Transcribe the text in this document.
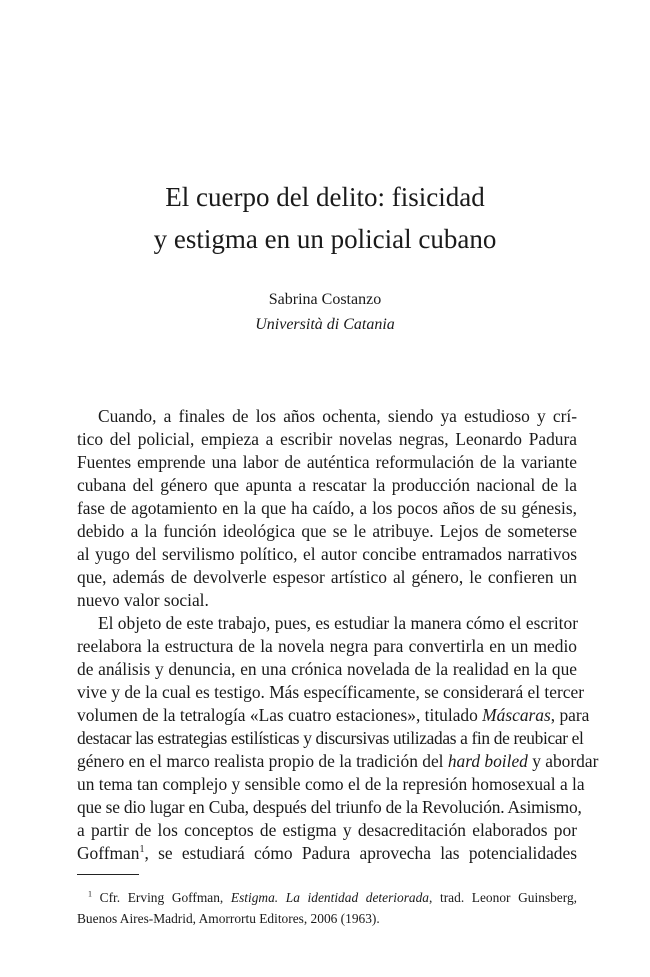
El cuerpo del delito: fisicidad
y estigma en un policial cubano
Sabrina Costanzo
Università di Catania
Cuando, a finales de los años ochenta, siendo ya estudioso y crí-
tico del policial, empieza a escribir novelas negras, Leonardo Padura
Fuentes emprende una labor de auténtica reformulación de la variante
cubana del género que apunta a rescatar la producción nacional de la
fase de agotamiento en la que ha caído, a los pocos años de su génesis,
debido a la función ideológica que se le atribuye. Lejos de someterse
al yugo del servilismo político, el autor concibe entramados narrativos
que, además de devolverle espesor artístico al género, le confieren un
nuevo valor social.
El objeto de este trabajo, pues, es estudiar la manera cómo el escritor
reelabora la estructura de la novela negra para convertirla en un medio
de análisis y denuncia, en una crónica novelada de la realidad en la que
vive y de la cual es testigo. Más específicamente, se considerará el tercer
volumen de la tetralogía «Las cuatro estaciones», titulado Máscaras, para
destacar las estrategias estilísticas y discursivas utilizadas a fin de reubicar el
género en el marco realista propio de la tradición del hard boiled y abordar
un tema tan complejo y sensible como el de la represión homosexual a la
que se dio lugar en Cuba, después del triunfo de la Revolución. Asimismo,
a partir de los conceptos de estigma y desacreditación elaborados por
Goffman$^1$, se estudiará cómo Padura aprovecha las potencialidades
$^1$ Cfr. Erving Goffman, Estigma. La identidad deteriorada, trad. Leonor Guinsberg,
Buenos Aires-Madrid, Amorrortu Editores, 2006 (1963).
